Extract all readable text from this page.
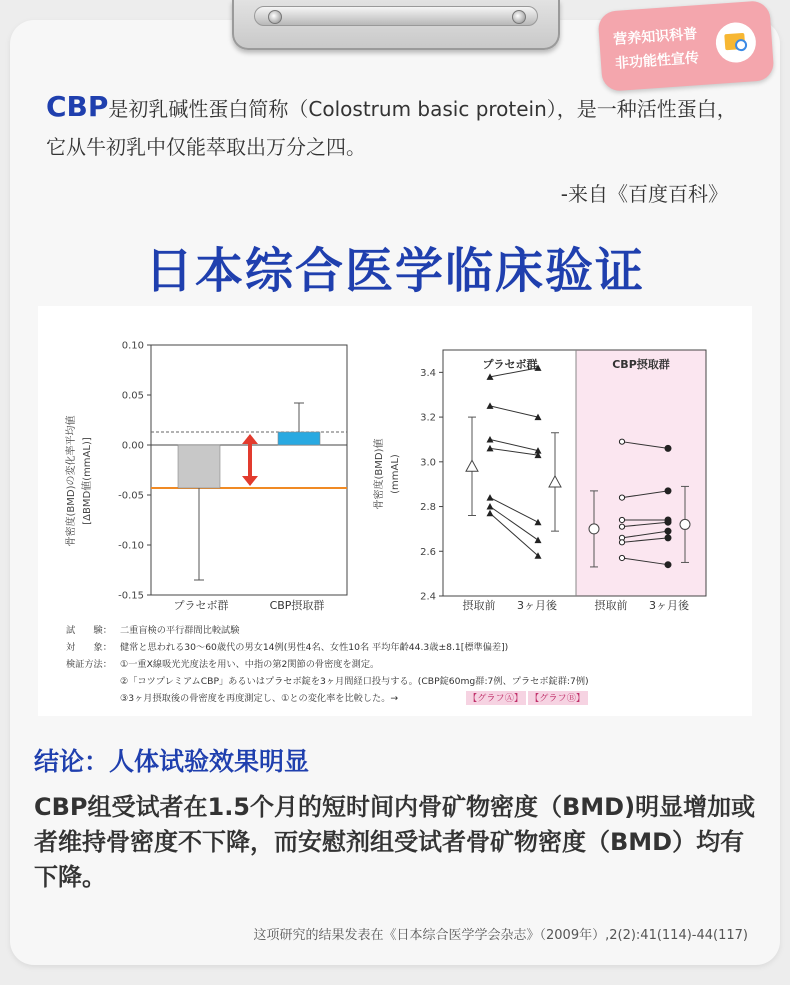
营养知识科普
非功能性宣传
CBP是初乳碱性蛋白简称（Colostrum basic protein），是一种活性蛋白，它从牛初乳中仅能萃取出万分之四。
-来自《百度百科》
日本综合医学临床验证
0.10
0.05
0.00
-0.05
-0.10
-0.15
骨密度(BMD)の変化率平均値 [ΔBMD値(mmAL)]
プラセボ群	CBP摂取群
3.4
3.2
3.0
2.8
2.6
2.4
骨密度(BMD)値 (mmAL)
プラセボ群	CBP摂取群
摂取前 3ヶ月後	摂取前 3ヶ月後
試　　験： 二重盲検の平行群間比較試験
対　　象： 健常と思われる30〜60歳代の男女14例(男性4名、女性10名 平均年齢44.3歳±8.1[標準偏差])
検証方法： ①一重X線吸光光度法を用い、中指の第2関節の骨密度を測定。
②「コツプレミアムCBP」あるいはプラセボ錠を3ヶ月間経口投与する。(CBP錠60mg群:7例、プラセボ錠群:7例)
③3ヶ月摂取後の骨密度を再度測定し、①との変化率を比較した。→	【グラフⒶ】 【グラフⒷ】
结论：人体试验效果明显
CBP组受试者在1.5个月的短时间内骨矿物密度（BMD)明显增加或者维持骨密度不下降，而安慰剂组受试者骨矿物密度（BMD）均有下降。
这项研究的结果发表在《日本综合医学学会杂志》（2009年）,2(2):41(114)-44(117)
